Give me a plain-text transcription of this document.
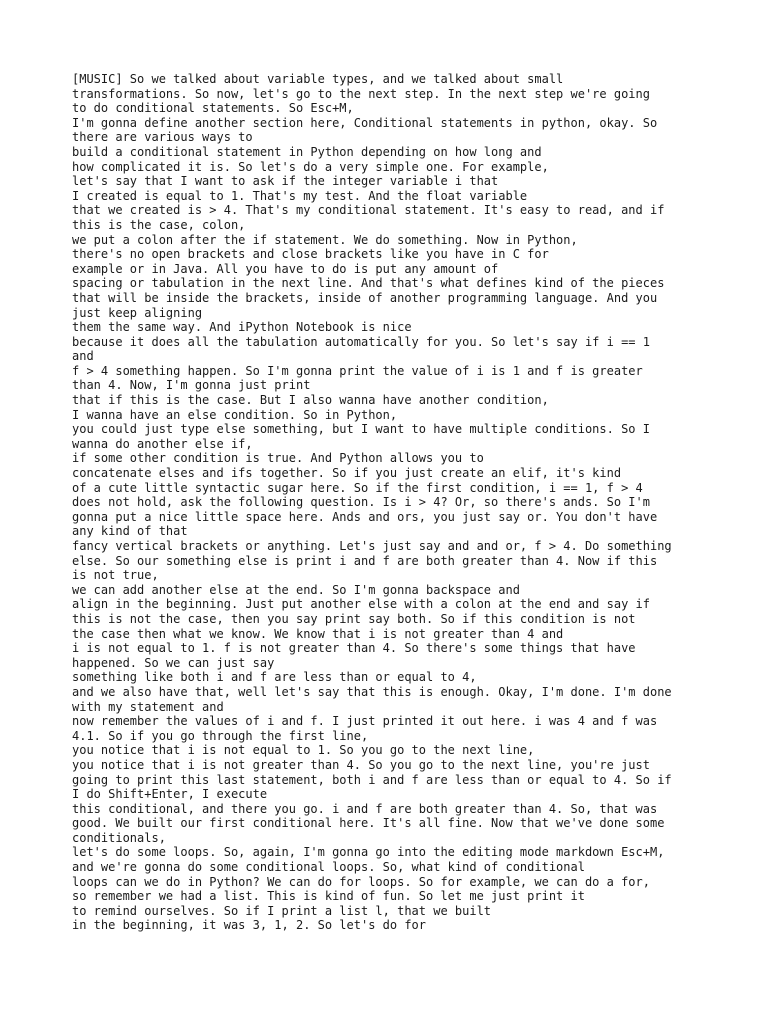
[MUSIC] So we talked about variable types, and we talked about small
transformations. So now, let's go to the next step. In the next step we're going
to do conditional statements. So Esc+M,
I'm gonna define another section here, Conditional statements in python, okay. So
there are various ways to
build a conditional statement in Python depending on how long and
how complicated it is. So let's do a very simple one. For example,
let's say that I want to ask if the integer variable i that
I created is equal to 1. That's my test. And the float variable
that we created is > 4. That's my conditional statement. It's easy to read, and if
this is the case, colon,
we put a colon after the if statement. We do something. Now in Python,
there's no open brackets and close brackets like you have in C for
example or in Java. All you have to do is put any amount of
spacing or tabulation in the next line. And that's what defines kind of the pieces
that will be inside the brackets, inside of another programming language. And you
just keep aligning
them the same way. And iPython Notebook is nice
because it does all the tabulation automatically for you. So let's say if i == 1
and
f > 4 something happen. So I'm gonna print the value of i is 1 and f is greater
than 4. Now, I'm gonna just print
that if this is the case. But I also wanna have another condition,
I wanna have an else condition. So in Python,
you could just type else something, but I want to have multiple conditions. So I
wanna do another else if,
if some other condition is true. And Python allows you to
concatenate elses and ifs together. So if you just create an elif, it's kind
of a cute little syntactic sugar here. So if the first condition, i == 1, f > 4
does not hold, ask the following question. Is i > 4? Or, so there's ands. So I'm
gonna put a nice little space here. Ands and ors, you just say or. You don't have
any kind of that
fancy vertical brackets or anything. Let's just say and and or, f > 4. Do something
else. So our something else is print i and f are both greater than 4. Now if this
is not true,
we can add another else at the end. So I'm gonna backspace and
align in the beginning. Just put another else with a colon at the end and say if
this is not the case, then you say print say both. So if this condition is not
the case then what we know. We know that i is not greater than 4 and
i is not equal to 1. f is not greater than 4. So there's some things that have
happened. So we can just say
something like both i and f are less than or equal to 4,
and we also have that, well let's say that this is enough. Okay, I'm done. I'm done
with my statement and
now remember the values of i and f. I just printed it out here. i was 4 and f was
4.1. So if you go through the first line,
you notice that i is not equal to 1. So you go to the next line,
you notice that i is not greater than 4. So you go to the next line, you're just
going to print this last statement, both i and f are less than or equal to 4. So if
I do Shift+Enter, I execute
this conditional, and there you go. i and f are both greater than 4. So, that was
good. We built our first conditional here. It's all fine. Now that we've done some
conditionals,
let's do some loops. So, again, I'm gonna go into the editing mode markdown Esc+M,
and we're gonna do some conditional loops. So, what kind of conditional
loops can we do in Python? We can do for loops. So for example, we can do a for,
so remember we had a list. This is kind of fun. So let me just print it
to remind ourselves. So if I print a list l, that we built
in the beginning, it was 3, 1, 2. So let's do for
